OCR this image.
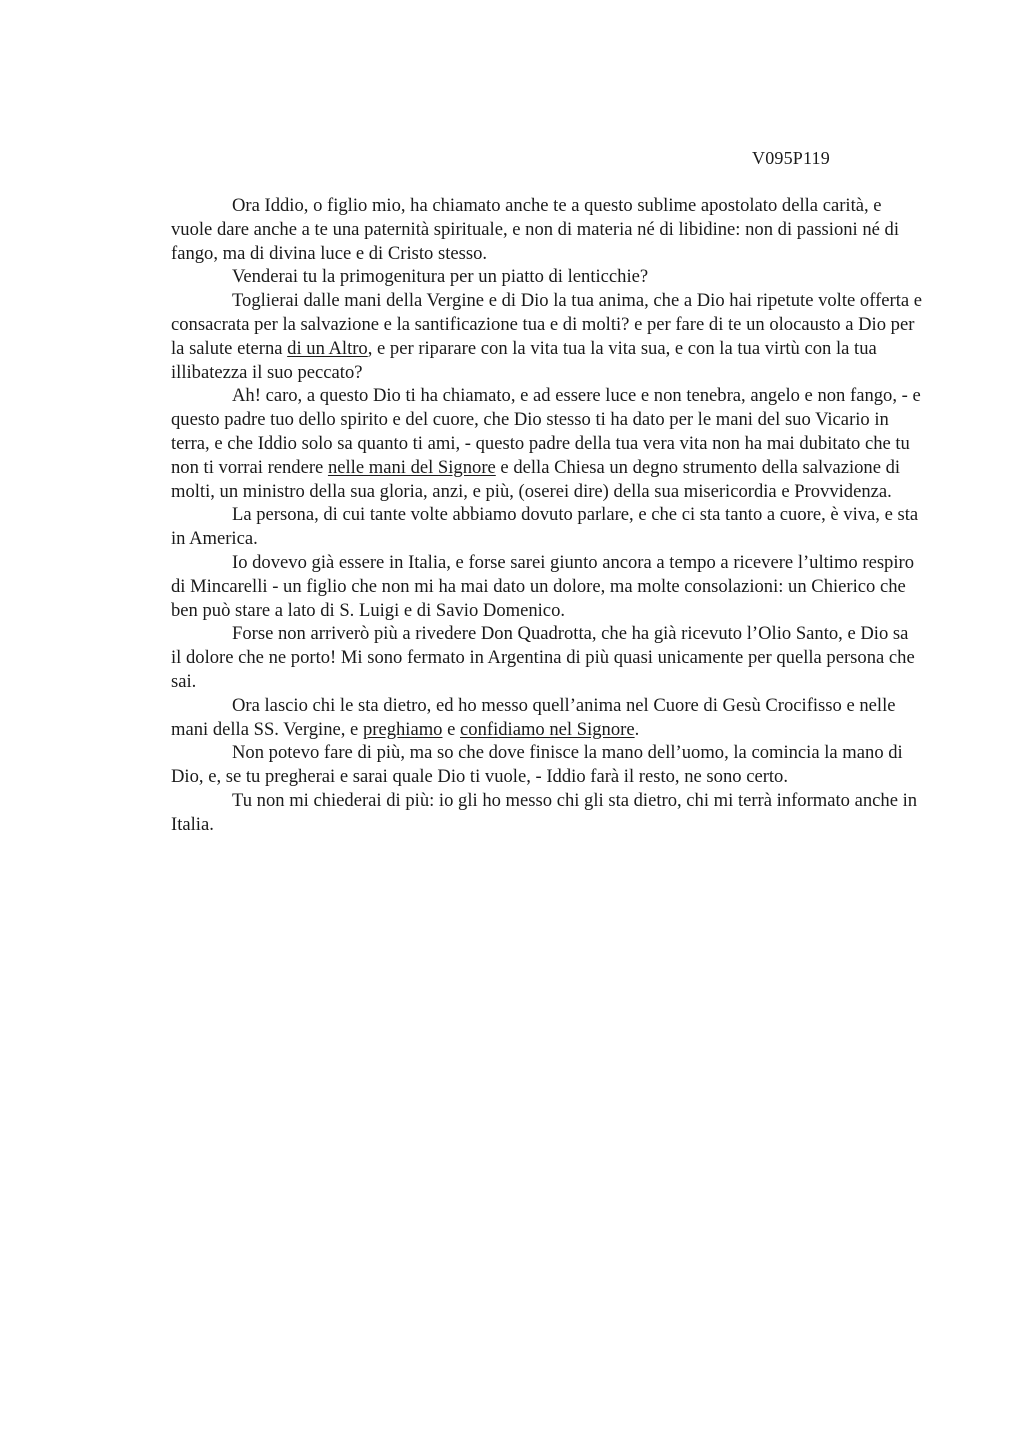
V095P119

Ora Iddio, o figlio mio, ha chiamato anche te a questo sublime apostolato della carità, e vuole dare anche a te una paternità spirituale, e non di materia né di libidine: non di passioni né di fango, ma di divina luce e di Cristo stesso.

Venderai tu la primogenitura per un piatto di lenticchie?

Toglierai dalle mani della Vergine e di Dio la tua anima, che a Dio hai ripetute volte offerta e consacrata per la salvazione e la santificazione tua e di molti? e per fare di te un olocausto a Dio per la salute eterna di un Altro, e per riparare con la vita tua la vita sua, e con la tua virtù con la tua illibatezza il suo peccato?

Ah! caro, a questo Dio ti ha chiamato, e ad essere luce e non tenebra, angelo e non fango, - e questo padre tuo dello spirito e del cuore, che Dio stesso ti ha dato per le mani del suo Vicario in terra, e che Iddio solo sa quanto ti ami, - questo padre della tua vera vita non ha mai dubitato che tu non ti vorrai rendere nelle mani del Signore e della Chiesa un degno strumento della salvazione di molti, un ministro della sua gloria, anzi, e più, (oserei dire) della sua misericordia e Provvidenza.

La persona, di cui tante volte abbiamo dovuto parlare, e che ci sta tanto a cuore, è viva, e sta in America.

Io dovevo già essere in Italia, e forse sarei giunto ancora a tempo a ricevere l’ultimo respiro di Mincarelli - un figlio che non mi ha mai dato un dolore, ma molte consolazioni: un Chierico che ben può stare a lato di S. Luigi e di Savio Domenico.

Forse non arriverò più a rivedere Don Quadrotta, che ha già ricevuto l’Olio Santo, e Dio sa il dolore che ne porto! Mi sono fermato in Argentina di più quasi unicamente per quella persona che sai.

Ora lascio chi le sta dietro, ed ho messo quell’anima nel Cuore di Gesù Crocifisso e nelle mani della SS. Vergine, e preghiamo e confidiamo nel Signore.

Non potevo fare di più, ma so che dove finisce la mano dell’uomo, la comincia la mano di Dio, e, se tu pregherai e sarai quale Dio ti vuole, - Iddio farà il resto, ne sono certo.

Tu non mi chiederai di più: io gli ho messo chi gli sta dietro, chi mi terrà informato anche in Italia.
